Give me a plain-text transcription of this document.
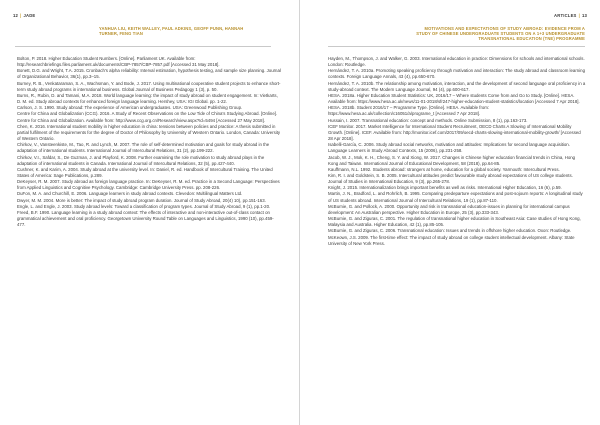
12 | JADE
YANHUA LIU, KEITH WALLEY, PAUL ADKINS, GEOFF PUNN, HANNAH TURNER, FENG TIAN
Bolton, P. 2018. Higher Education Student Numbers. [Online]. Parliament UK. Available from: http://researchbriefings.files.parliament.uk/documents/CBP-7857/CBP-7857.pdf [Accessed 31 May 2018].
Bonett, D.G. and Wright, T.A. 2015. Cronbach's alpha reliability: Interval estimation, hypothesis testing, and sample size planning. Journal of Organizational Behavior, 36(1), pp.3–15.
Burney, R. B., Venkataraman, S. A., Wachsman, Y. and Bode, J. 2017. Using multinational cooperative student projects to enhance short-term study abroad programs in international business. Global Journal of Business Pedagogy 1 (3), p. 50.
Burns, R., Rubin, D. and Tamani, M.A. 2018. World language learning: the impact of study abroad on student engagement. In: Vietkarts, D. M. ed. Study abroad contexts for enhanced foreign language learning. Hershey, USA: IGI Global. pp. 1-22.
Carlson, J. S. 1990. Study abroad: The experience of American undergraduates. USA: Greenwood Publishing Group.
Centre for China and Globalization (CCG). 2016. A Study of Recent Observations on the Low Tide of China's Studying Abroad. [Online]. Centre for China and Globalization. Available from: http://www.ccg.org.cn/Research/view.aspx?Id=5494 [Accessed 27 May 2018].
Chen, K. 2016. International student mobility in higher education in china: tensions between policies and practice: A thesis submitted in partial fulfilment of the requirements for the degree of Doctor of Philosophy by University of Western Ontario. London, Canada: University of Western Ontario.
Chirkov, V., Vansteenkiste, M., Tao, R. and Lynch, M. 2007. The role of self-determined motivation and goals for study abroad in the adaptation of international students. International Journal of Intercultural Relations, 31 (2), pp.199-222.
Chirkov, V.I., Safdar, S., De Guzman, J. and Playford, K. 2008. Further examining the role motivation to study abroad plays in the adaptation of international students in Canada. International Journal of Intercultural Relations, 32 (5), pp.427-440.
Cushner, K. and Karim, A. 2004. Study abroad at the university level. In: Daniel, R. ed. Handbook of Intercultural Training. The United States of America: Sage Publications, p.289.
DeKeyser, R. M. 2007. Study abroad as foreign language practice. In: DeKeyser, R. M. ed. Practice in a Second Language: Perspectives from Applied Linguistics and Cognitive Psychology. Cambridge: Cambridge University Press. pp. 208-226.
DuFon, M. A. and Churchill, E. 2006. Language learners in study abroad contexts. Clevedon: Multilingual Matters Ltd.
Dwyer, M. M. 2004. More is better: The impact of study abroad program duration. Journal of Study Abroad, 20(4) 10), pp.151-163.
Engle, L. and Engle, J. 2003. Study abroad levels: Toward a classification of program types. Journal of Study Abroad, 9 (1), pp.1-20.
Freed, B.F. 1990. Language learning in a study abroad context: The effects of interactive and non-interactive out-of-class contact on grammatical achievement and oral proficiency. Georgetown University Round Table on Languages and Linguistics, 1990 (10), pp.459-477.
ARTICLES | 13
MOTIVATIONS AND EXPECTATIONS OF STUDY ABROAD: EVIDENCE FROM A STUDY OF CHINESE UNDERGRADUATE STUDENTS ON A 1+3 UNDERGRADUATE TRANSNATIONAL EDUCATION (TNE) PROGRAMME
Hayden, M., Thompson, J. and Walker, G. 2003. International education in practice: Dimensions for schools and international schools. London: Routledge.
Hernández, T. A. 2010a. Promoting speaking proficiency through motivation and interaction: The study abroad and classroom learning contexts. Foreign Language Annals, 43 (4), pp.650-670.
Hernández, T. A. 2010b. The relationship among motivation, interaction, and the development of second language oral proficiency in a study-abroad context. The Modern Language Journal, 94 (4), pp.600-617.
HESA. 2018a. Higher Education Student Statistics: UK, 2016/17 – Where students Come from and Go to Study. [Online]. HESA. Available from: https://www.hesa.ac.uk/news/11-01-2018/sfr247-higher-education-student-statistics/location [Accessed 7 Apr 2018].
HESA. 2018b. Student 2016/17 – Programme Type. [Online]. HESA. Available from: https://www.hesa.ac.uk/collection/c16051/a/programe_t [Accessed 7 Apr 2018].
Hussain, I. 2007. Transnational education: concept and methods. Online Submission, 8 (1), pp.163-173.
ICEF Monitor. 2017. Market Intelligence for International Student Recruitment, OECD Charts A Slowing of International Mobility Growth. [Online]. ICEF. Available from: http://monitor.icef.com/2017/09/oecd-charts-slowing-international-mobility-growth/ [Accessed 28 Apr 2018].
Isabelli-García, C. 2006. Study abroad social networks, motivation and attitudes: Implications for second language acquisition. Language Learners in Study Abroad Contexts, 15 (2006), pp.231-258.
Jacob, W. J., Mok, K. H., Cheng, S. Y. and Xiong, W. 2017. Changes in Chinese higher education financial trends in China, Hong Kong and Taiwan. International Journal of Educational Development, 58 (2018), pp.64-85.
Kauffmann, N.L. 1992. Students abroad: strangers at home, education for a global society. Yarmouth: Intercultural Press.
Kim, R. I. and Goldstein, S. B. 2005. Intercultural attitudes predict favourable study abroad expectations of US college students. Journal of Studies in International Education, 9 (3), pp.265-278.
Knight, J. 2015. Internationalization brings important benefits as well as risks. International Higher Education, 16 (6), p.59.
Martin, J. N., Bradford, L. and Rohrlich, B. 1995. Comparing predeparture expectations and post-sojourn reports: A longitudinal study of US students abroad. International Journal of Intercultural Relations, 19 (1), pp.87-110.
McBurnie, G. and Pollock, A. 2000. Opportunity and risk in transnational education-issues in planning for international campus development: An Australian perspective. Higher Education in Europe, 25 (3), pp.333-343.
McBurnie, G. and Ziguras, C. 2001. The regulation of transnational higher education in Southeast Asia: Case studies of Hong Kong, Malaysia and Australia. Higher Education, 42 (1), pp.85-105.
McBurnie, G. and Ziguras, C. 2006. Transnational education: Issues and trends in offshore higher education. Oxon: Routledge.
McKeown, J.S. 2009. The first-time effect: The impact of study abroad on college student intellectual development. Albany: State University of New York Press.
